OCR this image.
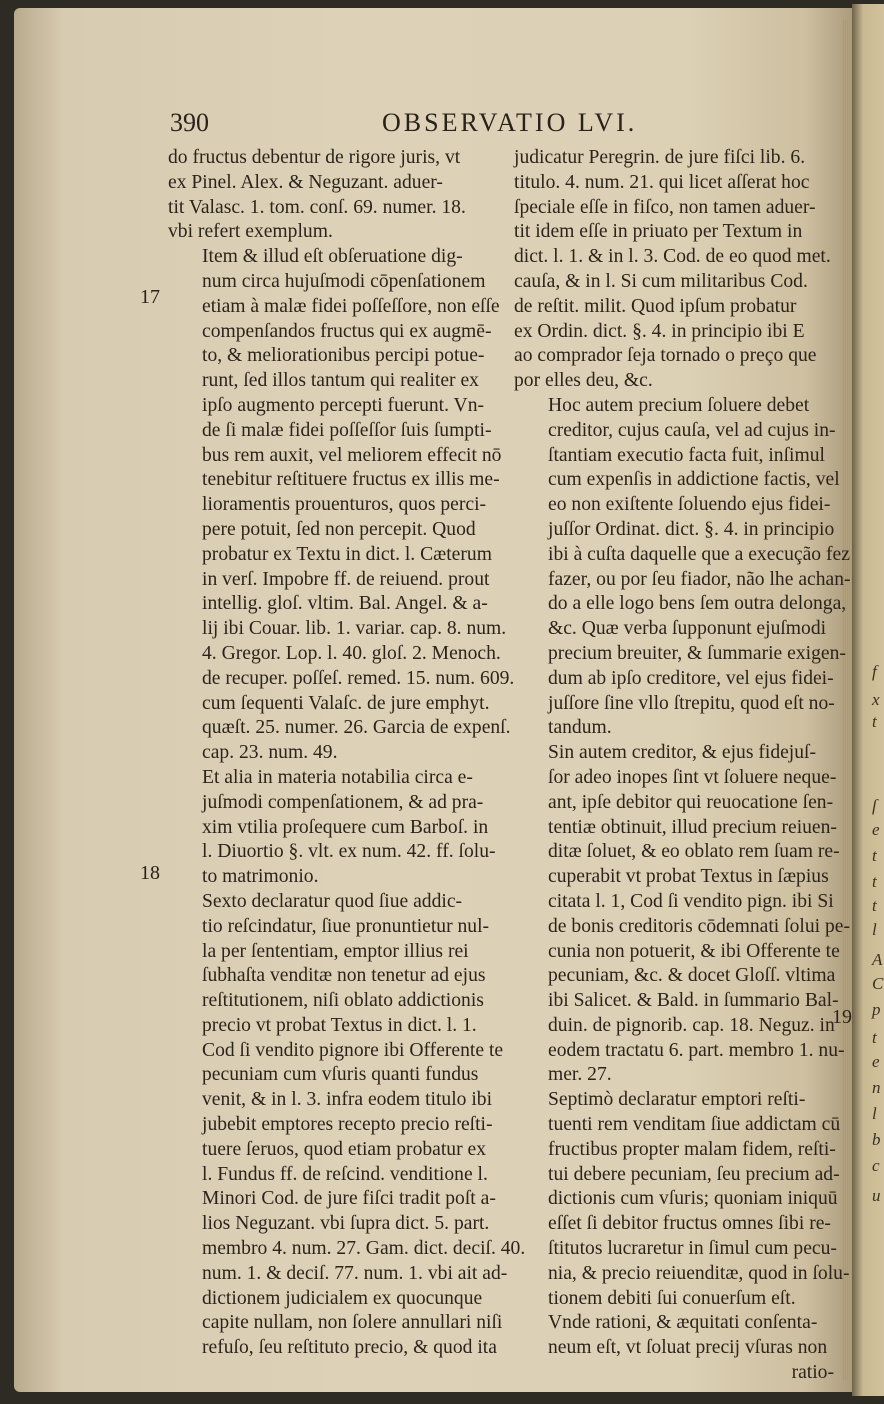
390	OBSERVATIO LVI.

do fructus debentur de rigore juris, vt
ex Pinel. Alex. & Neguzant. aduer-
tit Valasc. 1. tom. conſ. 69. numer. 18.
vbi refert exemplum.

Item & illud eſt obſeruatione dig-
num circa hujuſmodi cōpenſationem
etiam à malæ fidei poſſeſſore, non eſſe
compenſandos fructus qui ex augmē-
to, & meliorationibus percipi potue-
runt, ſed illos tantum qui realiter ex
ipſo augmento percepti fuerunt. Vn-
de ſi malæ fidei poſſeſſor ſuis ſumpti-
bus rem auxit, vel meliorem effecit nō
tenebitur reſtituere fructus ex illis me-
lioramentis prouenturos, quos perci-
pere potuit, ſed non percepit. Quod
probatur ex Textu in dict. l. Cæterum
in verſ. Impobre ff. de reiuend. prout
intellig. gloſ. vltim. Bal. Angel. & a-
lij ibi Couar. lib. 1. variar. cap. 8. num.
4. Gregor. Lop. l. 40. gloſ. 2. Menoch.
de recuper. poſſeſ. remed. 15. num. 609.
cum ſequenti Valaſc. de jure emphyt.
quæſt. 25. numer. 26. Garcia de expenſ.
cap. 23. num. 49.

Et alia in materia notabilia circa e-
juſmodi compenſationem, & ad pra-
xim vtilia proſequere cum Barboſ. in
l. Diuortio §. vlt. ex num. 42. ff. ſolu-
to matrimonio.

Sexto declaratur quod ſiue addic-
tio reſcindatur, ſiue pronuntietur nul-
la per ſententiam, emptor illius rei
ſubhaſta venditæ non tenetur ad ejus
reſtitutionem, niſi oblato addictionis
precio vt probat Textus in dict. l. 1.
Cod ſi vendito pignore ibi Offerente te
pecuniam cum vſuris quanti fundus
venit, & in l. 3. infra eodem titulo ibi
jubebit emptores recepto precio reſti-
tuere ſeruos, quod etiam probatur ex
l. Fundus ff. de reſcind. venditione l.
Minori Cod. de jure fiſci tradit poſt a-
lios Neguzant. vbi ſupra dict. 5. part.
membro 4. num. 27. Gam. dict. deciſ. 40.
num. 1. & deciſ. 77. num. 1. vbi ait ad-
dictionem judicialem ex quocunque
capite nullam, non ſolere annullari niſi
refuſo, ſeu reſtituto precio, & quod ita

judicatur Peregrin. de jure fiſci lib. 6.
titulo. 4. num. 21. qui licet aſſerat hoc
ſpeciale eſſe in fiſco, non tamen aduer-
tit idem eſſe in priuato per Textum in
dict. l. 1. & in l. 3. Cod. de eo quod met.
cauſa, & in l. Si cum militaribus Cod.
de reſtit. milit. Quod ipſum probatur
ex Ordin. dict. §. 4. in principio ibi E
ao comprador ſeja tornado o preço que
por elles deu, &c.

Hoc autem precium ſoluere debet
creditor, cujus cauſa, vel ad cujus in-
ſtantiam executio facta fuit, inſimul
cum expenſis in addictione factis, vel
eo non exiſtente ſoluendo ejus fidei-
juſſor Ordinat. dict. §. 4. in principio
ibi à cuſta daquelle que a execução fez
fazer, ou por ſeu fiador, não lhe achan-
do a elle logo bens ſem outra delonga,
&c. Quæ verba ſupponunt ejuſmodi
precium breuiter, & ſummarie exigen-
dum ab ipſo creditore, vel ejus fidei-
juſſore ſine vllo ſtrepitu, quod eſt no-
tandum.

Sin autem creditor, & ejus fidejuſ-
ſor adeo inopes ſint vt ſoluere neque-
ant, ipſe debitor qui reuocatione ſen-
tentiæ obtinuit, illud precium reiuen-
ditæ ſoluet, & eo oblato rem ſuam re-
cuperabit vt probat Textus in ſæpius
citata l. 1, Cod ſi vendito pign. ibi Si
de bonis creditoris cōdemnati ſolui pe-
cunia non potuerit, & ibi Offerente te
pecuniam, &c. & docet Gloſſ. vltima
ibi Salicet. & Bald. in ſummario Bal-
duin. de pignorib. cap. 18. Neguz. in
eodem tractatu 6. part. membro 1. nu-
mer. 27.

Septimò declaratur emptori reſti-
tuenti rem venditam ſiue addictam cū
fructibus propter malam fidem, reſti-
tui debere pecuniam, ſeu precium ad-
dictionis cum vſuris; quoniam iniquū
eſſet ſi debitor fructus omnes ſibi re-
ſtitutos lucraretur in ſimul cum pecu-
nia, & precio reiuenditæ, quod in ſolu-
tionem debiti ſui conuerſum eſt.

Vnde rationi, & æquitati conſenta-
neum eſt, vt ſoluat precij vſuras non

ratio-
17
18
19
f
x
t
ſ
e
t
t
t
l
A
C
p
t
e
n
l
b
c
u
